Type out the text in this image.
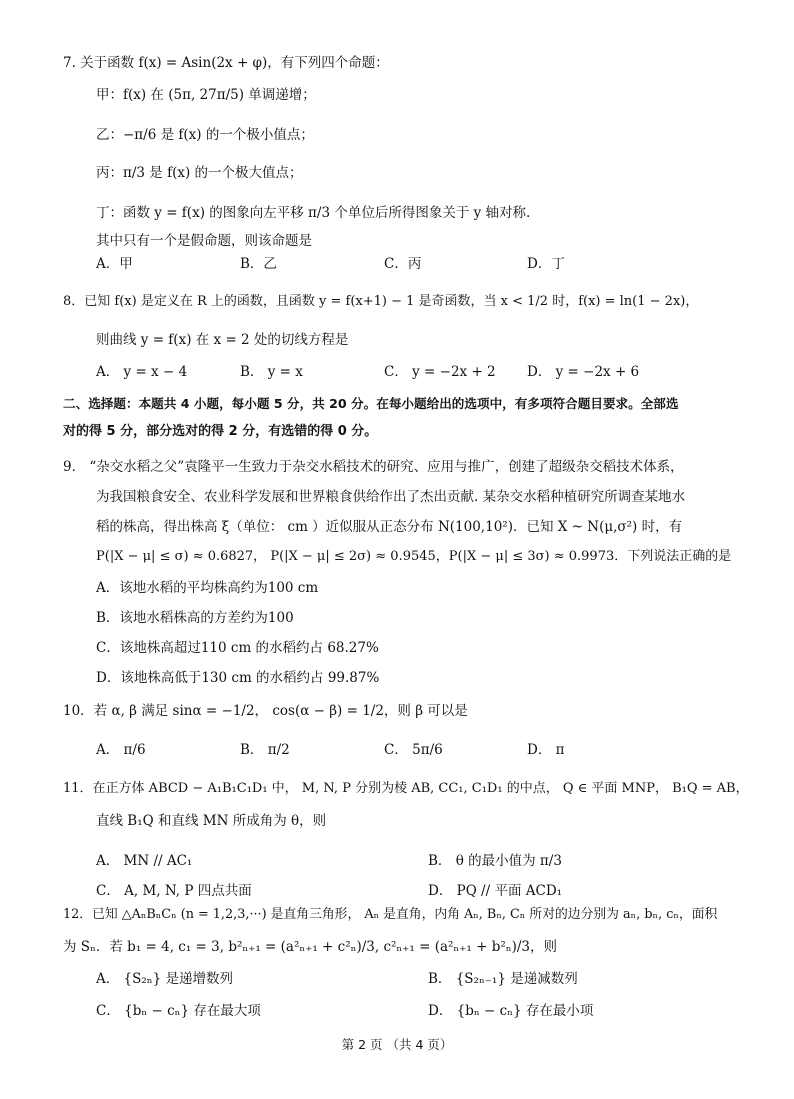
7. 关于函数 f(x) = Asin(2x + φ)，有下列四个命题：
甲：f(x) 在 (5π, 27π/5) 单调递增；
乙：−π/6 是 f(x) 的一个极小值点；
丙：π/3 是 f(x) 的一个极大值点；
丁：函数 y = f(x) 的图象向左平移 π/3 个单位后所得图象关于 y 轴对称.
其中只有一个是假命题，则该命题是
A．甲	B．乙	C．丙	D．丁
8．已知 f(x) 是定义在 R 上的函数，且函数 y = f(x+1) − 1 是奇函数，当 x < 1/2 时，f(x) = ln(1 − 2x)，
则曲线 y = f(x) 在 x = 2 处的切线方程是
A． y = x − 4	B． y = x	C． y = −2x + 2 D． y = −2x + 6
二、选择题：本题共 4 小题，每小题 5 分，共 20 分。在每小题给出的选项中，有多项符合题目要求。全部选
对的得 5 分，部分选对的得 2 分，有选错的得 0 分。
9． “杂交水稻之父”袁隆平一生致力于杂交水稻技术的研究、应用与推广，创建了超级杂交稻技术体系，
为我国粮食安全、农业科学发展和世界粮食供给作出了杰出贡献. 某杂交水稻种植研究所调查某地水
稻的株高，得出株高 ξ（单位： cm ）近似服从正态分布 N(100,10²)．已知 X ~ N(μ,σ²) 时，有
P(|X − μ| ≤ σ) ≈ 0.6827， P(|X − μ| ≤ 2σ) ≈ 0.9545，P(|X − μ| ≤ 3σ) ≈ 0.9973．下列说法正确的是
A．该地水稻的平均株高约为100 cm
B．该地水稻株高的方差约为100
C．该地株高超过110 cm 的水稻约占 68.27%
D．该地株高低于130 cm 的水稻约占 99.87%
10．若 α, β 满足 sinα = −1/2， cos(α − β) = 1/2，则 β 可以是
A． π/6	B． π/2	C． 5π/6	D． π
11．在正方体 ABCD − A₁B₁C₁D₁ 中， M, N, P 分别为棱 AB, CC₁, C₁D₁ 的中点， Q ∈ 平面 MNP， B₁Q = AB，
直线 B₁Q 和直线 MN 所成角为 θ，则
A． MN // AC₁	B． θ 的最小值为 π/3
C． A, M, N, P 四点共面	D． PQ // 平面 ACD₁
12．已知 △AₙBₙCₙ (n = 1,2,3,···) 是直角三角形， Aₙ 是直角，内角 Aₙ, Bₙ, Cₙ 所对的边分别为 aₙ, bₙ, cₙ，面积
为 Sₙ．若 b₁ = 4, c₁ = 3, b²ₙ₊₁ = (a²ₙ₊₁ + c²ₙ)/3, c²ₙ₊₁ = (a²ₙ₊₁ + b²ₙ)/3，则
A． {S₂ₙ} 是递增数列	B． {S₂ₙ₋₁} 是递减数列
C． {bₙ − cₙ} 存在最大项	D． {bₙ − cₙ} 存在最小项
第 2 页 （共 4 页）
